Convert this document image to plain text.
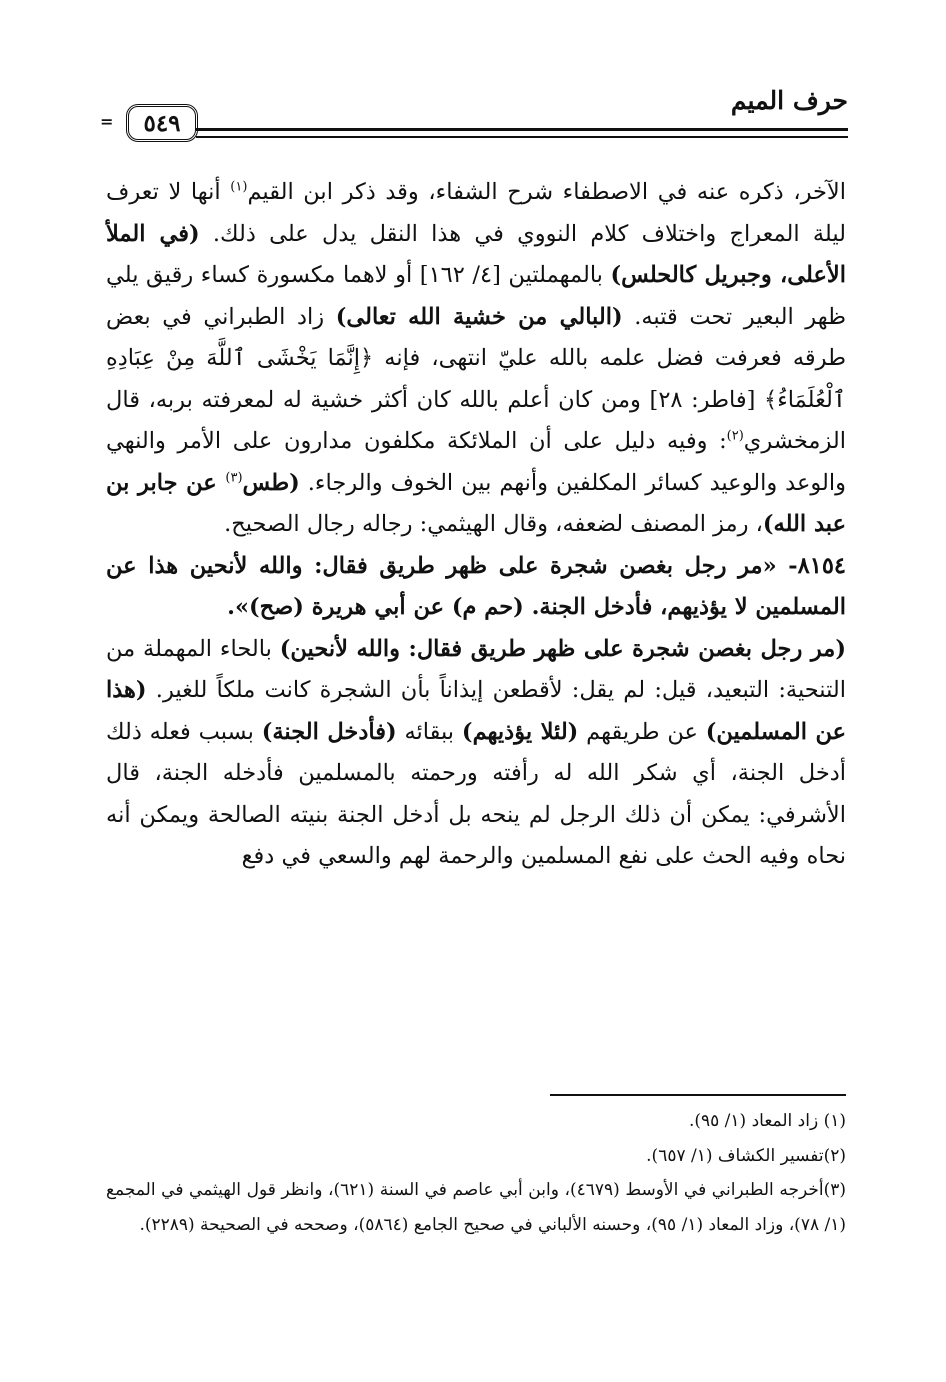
حرف الميم
٥٤٩
=

الآخر، ذكره عنه في الاصطفاء شرح الشفاء، وقد ذكر ابن القيم$^{(١)}$ أنها لا تعرف ليلة المعراج واختلاف كلام النووي في هذا النقل يدل على ذلك. (في الملأ الأعلى، وجبريل كالحلس) بالمهملتين [٤/ ١٦٢] أو لاهما مكسورة كساء رقيق يلي ظهر البعير تحت قتبه. (البالي من خشية الله تعالى) زاد الطبراني في بعض طرقه فعرفت فضل علمه بالله عليّ انتهى، فإنه ﴿إِنَّمَا يَخْشَى ٱللَّهَ مِنْ عِبَادِهِ ٱلْعُلَمَاءُ﴾ [فاطر: ٢٨] ومن كان أعلم بالله كان أكثر خشية له لمعرفته بربه، قال الزمخشري$^{(٢)}$: وفيه دليل على أن الملائكة مكلفون مدارون على الأمر والنهي والوعد والوعيد كسائر المكلفين وأنهم بين الخوف والرجاء. (طس$^{(٣)}$ عن جابر بن عبد الله)، رمز المصنف لضعفه، وقال الهيثمي: رجاله رجال الصحيح.

٨١٥٤- «مر رجل بغصن شجرة على ظهر طريق فقال: والله لأنحين هذا عن المسلمين لا يؤذيهم، فأدخل الجنة. (حم م) عن أبي هريرة (صح)».

(مر رجل بغصن شجرة على ظهر طريق فقال: والله لأنحين) بالحاء المهملة من التنحية: التبعيد، قيل: لم يقل: لأقطعن إيذاناً بأن الشجرة كانت ملكاً للغير. (هذا عن المسلمين) عن طريقهم (لئلا يؤذيهم) ببقائه (فأدخل الجنة) بسبب فعله ذلك أدخل الجنة، أي شكر الله له رأفته ورحمته بالمسلمين فأدخله الجنة، قال الأشرفي: يمكن أن ذلك الرجل لم ينحه بل أدخل الجنة بنيته الصالحة ويمكن أنه نحاه وفيه الحث على نفع المسلمين والرحمة لهم والسعي في دفع

(١) زاد المعاد (١/ ٩٥).

(٢)تفسير الكشاف (١/ ٦٥٧).

(٣)أخرجه الطبراني في الأوسط (٤٦٧٩)، وابن أبي عاصم في السنة (٦٢١)، وانظر قول الهيثمي في المجمع (١/ ٧٨)، وزاد المعاد (١/ ٩٥)، وحسنه الألباني في صحيح الجامع (٥٨٦٤)، وصححه في الصحيحة (٢٢٨٩).
